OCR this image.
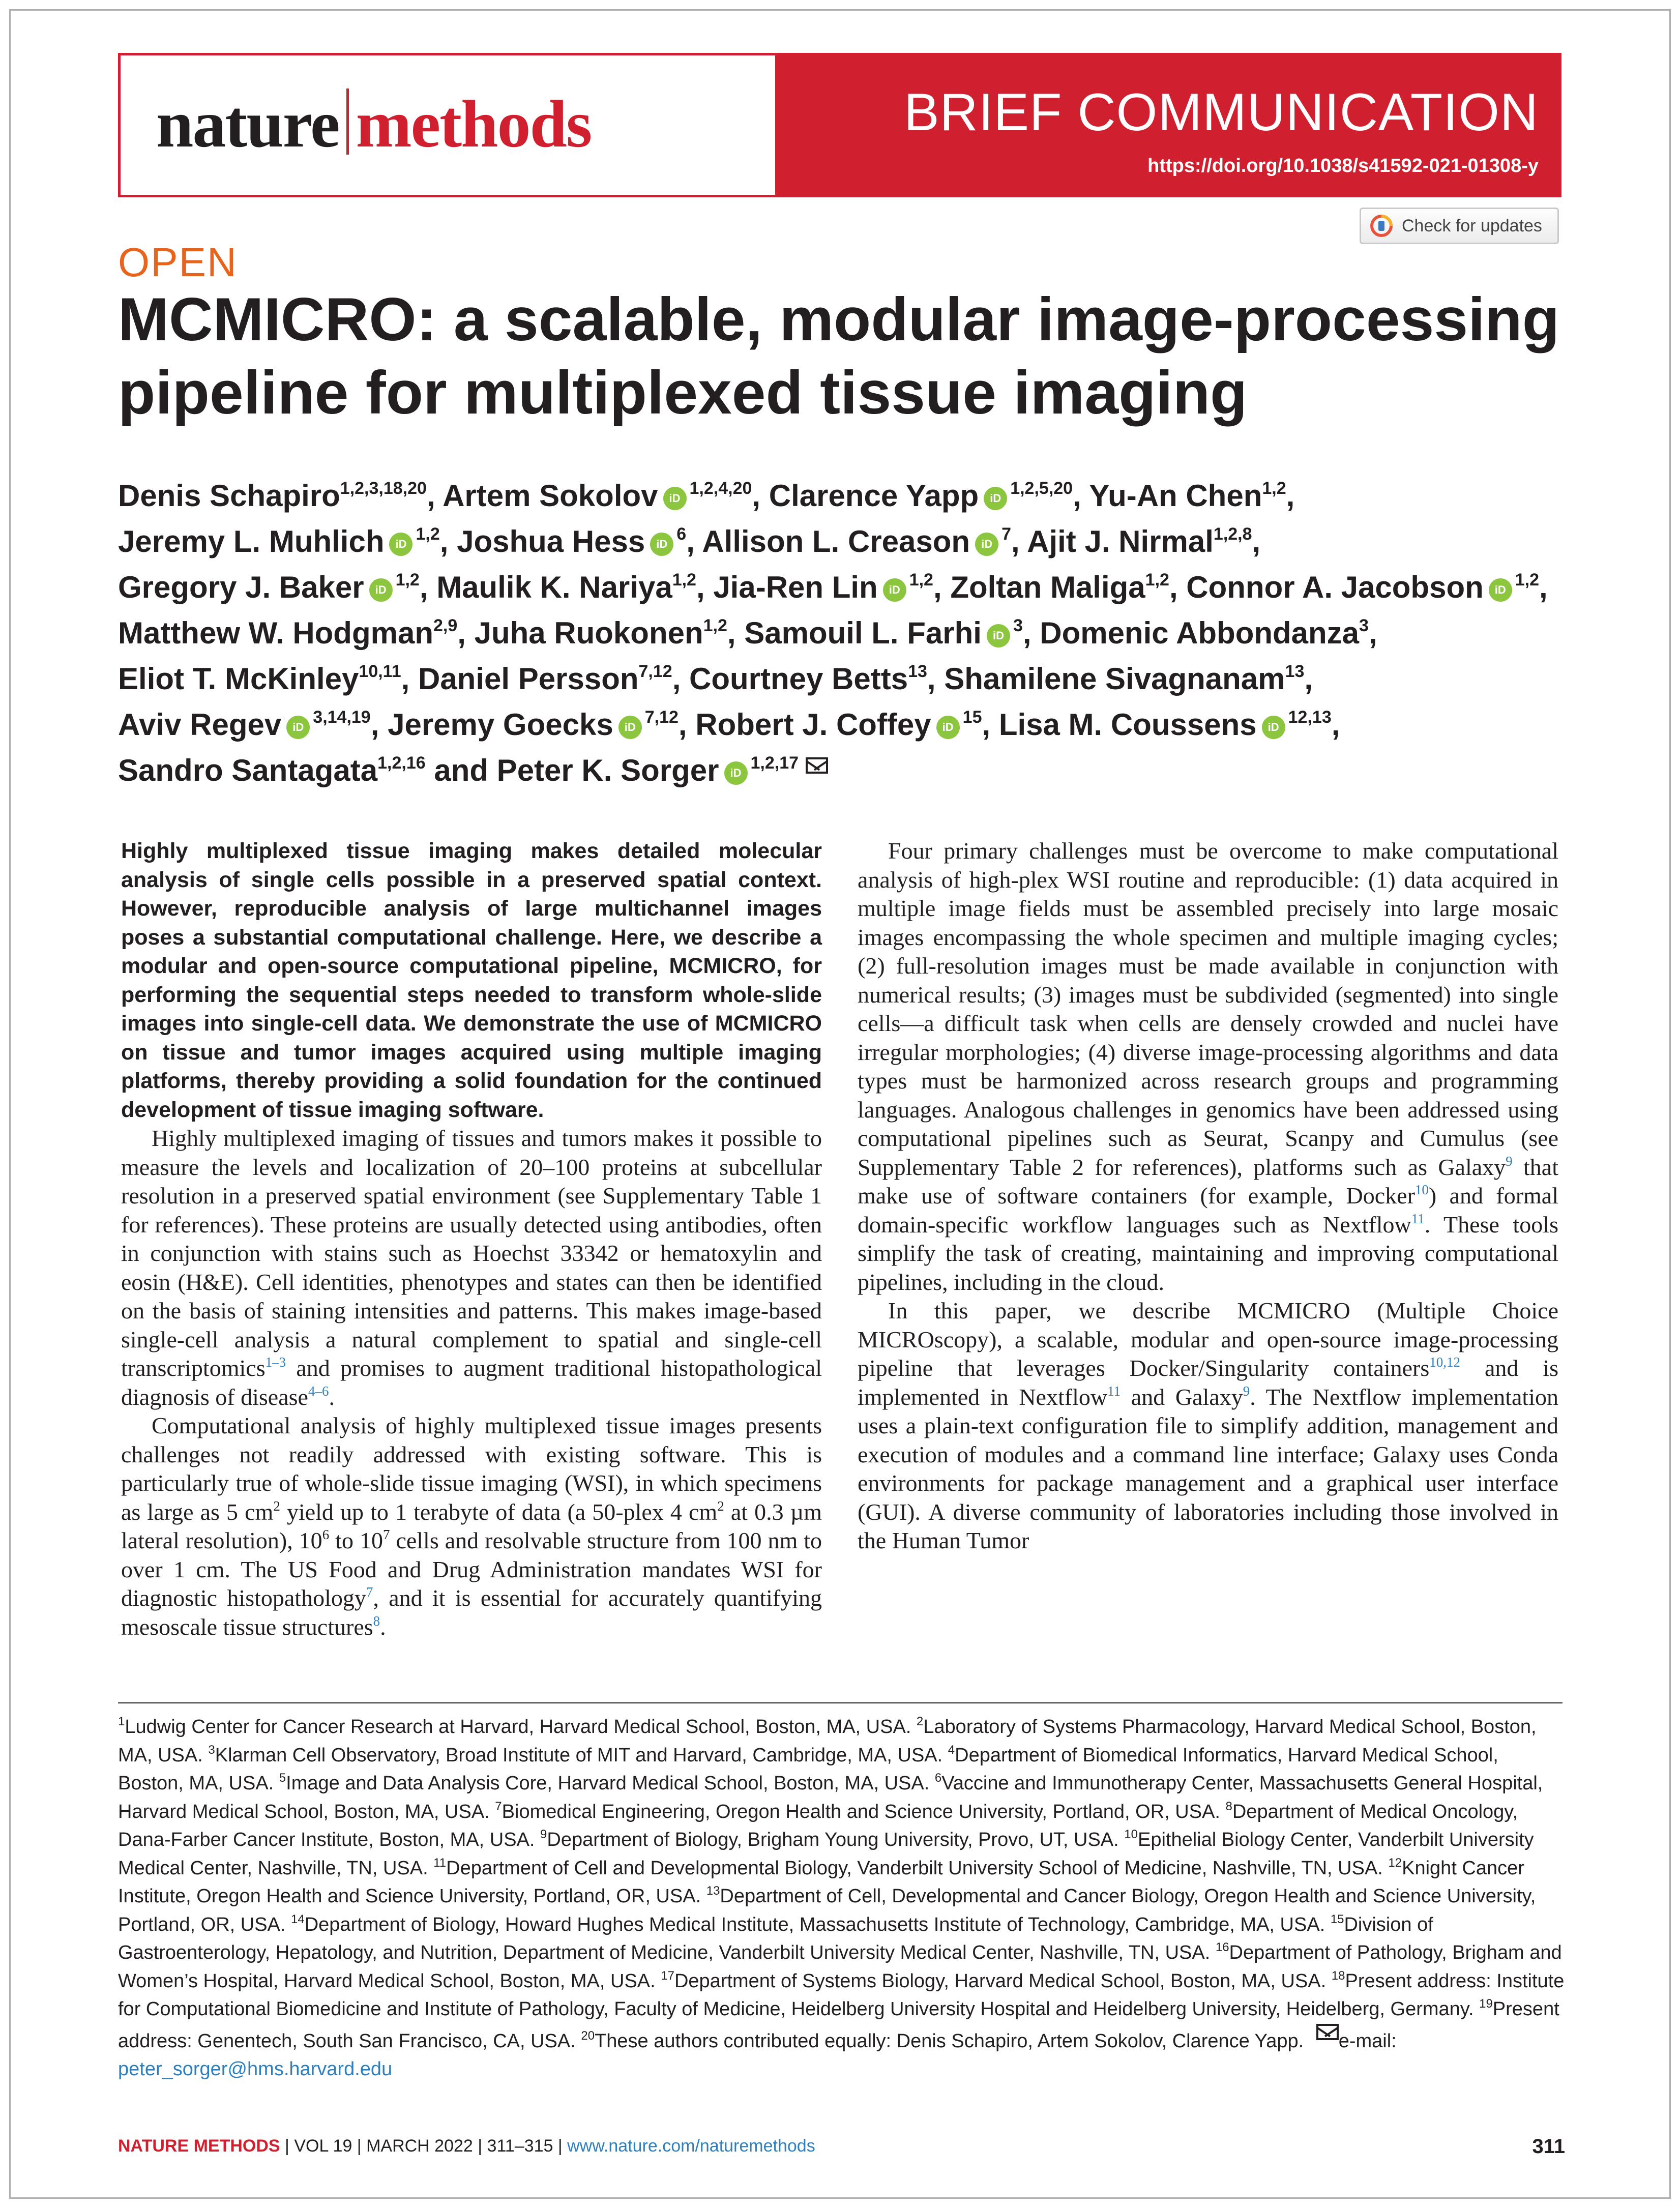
nature methods	BRIEF COMMUNICATION
https://doi.org/10.1038/s41592-021-01308-y
Check for updates
OPEN
MCMICRO: a scalable, modular image-processing pipeline for multiplexed tissue imaging
Denis Schapiro$^{1,2,3,18,20}$, Artem Sokolov iD$^{1,2,4,20}$, Clarence Yapp iD$^{1,2,5,20}$, Yu-An Chen$^{1,2}$, Jeremy L. Muhlich iD$^{1,2}$, Joshua Hess $iD^6$, Allison L. Creason $iD^7$, Ajit J. Nirmal$^{1,2,8}$, Gregory J. Baker iD$^{1,2}$, Maulik K. Nariya$^{1,2}$, Jia-Ren Lin iD$^{1,2}$, Zoltan Maliga$^{1,2}$, Connor A. Jacobson iD$^{1,2}$, Matthew W. Hodgman$^{2,9}$, Juha Ruokonen$^{1,2}$, Samouil L. Farhi $iD^3$, Domenic Abbondanza$^3$, Eliot T. McKinley$^{10,11}$, Daniel Persson$^{7,12}$, Courtney Betts$^{13}$, Shamilene Sivagnanam$^{13}$, Aviv Regev iD$^{3,14,19}$, Jeremy Goecks iD$^{7,12}$, Robert J. Coffey $iD^{15}$, Lisa M. Coussens iD$^{12,13}$, Sandro Santagata$^{1,2,16}$ and Peter K. Sorger iD$^{1,2,17}$

Highly multiplexed tissue imaging makes detailed molecular analysis of single cells possible in a preserved spatial context. However, reproducible analysis of large multichannel images poses a substantial computational challenge. Here, we describe a modular and open-source computational pipeline, MCMICRO, for performing the sequential steps needed to transform whole-slide images into single-cell data. We demonstrate the use of MCMICRO on tissue and tumor images acquired using multiple imaging platforms, thereby providing a solid foundation for the continued development of tissue imaging software.

Highly multiplexed imaging of tissues and tumors makes it possible to measure the levels and localization of 20–100 proteins at subcellular resolution in a preserved spatial environment (see Supplementary Table 1 for references). These proteins are usually detected using antibodies, often in conjunction with stains such as Hoechst 33342 or hematoxylin and eosin (H&E). Cell identities, phenotypes and states can then be identified on the basis of staining intensities and patterns. This makes image-based single-cell analysis a natural complement to spatial and single-cell transcriptomics$^{1-3}$ and promises to augment traditional histopathological diagnosis of disease$^{4-6}$.

Computational analysis of highly multiplexed tissue images presents challenges not readily addressed with existing software. This is particularly true of whole-slide tissue imaging (WSI), in which specimens as large as 5 $cm^2$ yield up to 1 terabyte of data (a 50-plex 4 $cm^2$ at 0.3 µm lateral resolution), $10^6$ to $10^7$ cells and resolvable structure from 100 nm to over 1 cm. The US Food and Drug Administration mandates WSI for diagnostic histopathology$^7$, and it is essential for accurately quantifying mesoscale tissue structures$^8$.

Four primary challenges must be overcome to make computational analysis of high-plex WSI routine and reproducible: (1) data acquired in multiple image fields must be assembled precisely into large mosaic images encompassing the whole specimen and multiple imaging cycles; (2) full-resolution images must be made available in conjunction with numerical results; (3) images must be subdivided (segmented) into single cells—a difficult task when cells are densely crowded and nuclei have irregular morphologies; (4) diverse image-processing algorithms and data types must be harmonized across research groups and programming languages. Analogous challenges in genomics have been addressed using computational pipelines such as Seurat, Scanpy and Cumulus (see Supplementary Table 2 for references), platforms such as Galaxy$^9$ that make use of software containers (for example, Docker$^{10}$) and formal domain-specific workflow languages such as Nextflow$^{11}$. These tools simplify the task of creating, maintaining and improving computational pipelines, including in the cloud.

In this paper, we describe MCMICRO (Multiple Choice MICROscopy), a scalable, modular and open-source image-processing pipeline that leverages Docker/Singularity containers$^{10,12}$ and is implemented in Nextflow$^{11}$ and Galaxy$^9$. The Nextflow implementation uses a plain-text configuration file to simplify addition, management and execution of modules and a command line interface; Galaxy uses Conda environments for package management and a graphical user interface (GUI). A diverse community of laboratories including those involved in the Human Tumor

$^1$Ludwig Center for Cancer Research at Harvard, Harvard Medical School, Boston, MA, USA. $^2$Laboratory of Systems Pharmacology, Harvard Medical School, Boston, MA, USA. $^3$Klarman Cell Observatory, Broad Institute of MIT and Harvard, Cambridge, MA, USA. $^4$Department of Biomedical Informatics, Harvard Medical School, Boston, MA, USA. $^5$Image and Data Analysis Core, Harvard Medical School, Boston, MA, USA. $^6$Vaccine and Immunotherapy Center, Massachusetts General Hospital, Harvard Medical School, Boston, MA, USA. $^7$Biomedical Engineering, Oregon Health and Science University, Portland, OR, USA. $^8$Department of Medical Oncology, Dana-Farber Cancer Institute, Boston, MA, USA. $^9$Department of Biology, Brigham Young University, Provo, UT, USA. $^{10}$Epithelial Biology Center, Vanderbilt University Medical Center, Nashville, TN, USA. $^{11}$Department of Cell and Developmental Biology, Vanderbilt University School of Medicine, Nashville, TN, USA. $^{12}$Knight Cancer Institute, Oregon Health and Science University, Portland, OR, USA. $^{13}$Department of Cell, Developmental and Cancer Biology, Oregon Health and Science University, Portland, OR, USA. $^{14}$Department of Biology, Howard Hughes Medical Institute, Massachusetts Institute of Technology, Cambridge, MA, USA. $^{15}$Division of Gastroenterology, Hepatology, and Nutrition, Department of Medicine, Vanderbilt University Medical Center, Nashville, TN, USA. $^{16}$Department of Pathology, Brigham and Women’s Hospital, Harvard Medical School, Boston, MA, USA. $^{17}$Department of Systems Biology, Harvard Medical School, Boston, MA, USA. $^{18}$Present address: Institute for Computational Biomedicine and Institute of Pathology, Faculty of Medicine, Heidelberg University Hospital and Heidelberg University, Heidelberg, Germany. $^{19}$Present address: Genentech, South San Francisco, CA, USA. $^{20}$These authors contributed equally: Denis Schapiro, Artem Sokolov, Clarence Yapp. e-mail: peter_sorger@hms.harvard.edu
NATURE METHODS | VOL 19 | MARCH 2022 | 311–315 | www.nature.com/naturemethods	311
